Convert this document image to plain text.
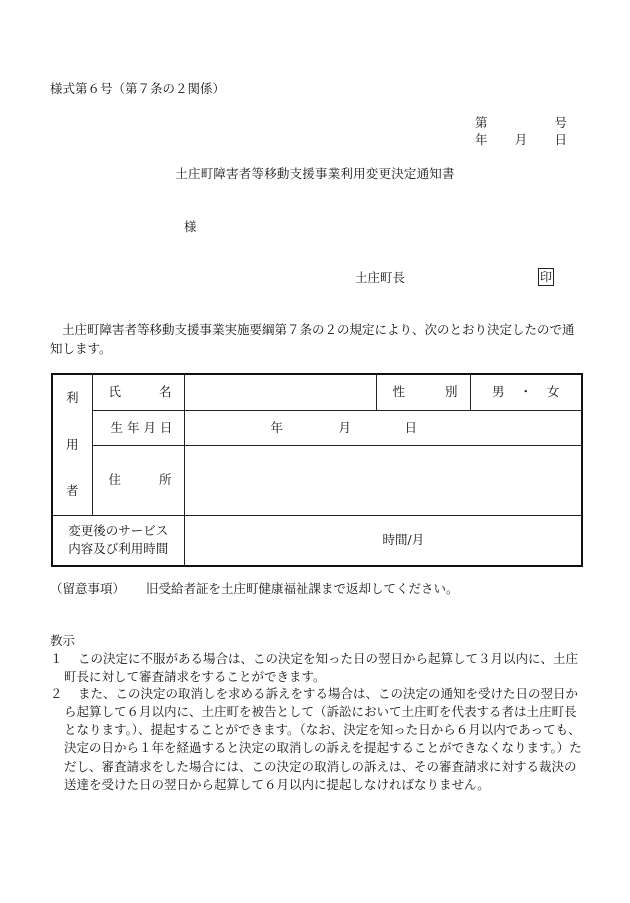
様式第６号（第７条の２関係）
第	号
年 月 日
土庄町障害者等移動支援事業利用変更決定通知書
様
土庄町長	印
土庄町障害者等移動支援事業実施要綱第７条の２の規定により、次のとおり決定したので通知します。
利
用
者	氏 名		性 別	男 ・ 女

	生 年 月 日	年 月 日		

	住 所			

変更後のサービス
内容及び利用時間		時間/月		
（留意事項） 旧受給者証を土庄町健康福祉課まで返却してください。
教示
１	この決定に不服がある場合は、この決定を知った日の翌日から起算して３月以内に、土庄町長に対して審査請求をすることができます。
２	また、この決定の取消しを求める訴えをする場合は、この決定の通知を受けた日の翌日から起算して６月以内に、土庄町を被告として（訴訟において土庄町を代表する者は土庄町長となります。）、提起することができます。（なお、決定を知った日から６月以内であっても、決定の日から１年を経過すると決定の取消しの訴えを提起することができなくなります。）ただし、審査請求をした場合には、この決定の取消しの訴えは、その審査請求に対する裁決の送達を受けた日の翌日から起算して６月以内に提起しなければなりません。
